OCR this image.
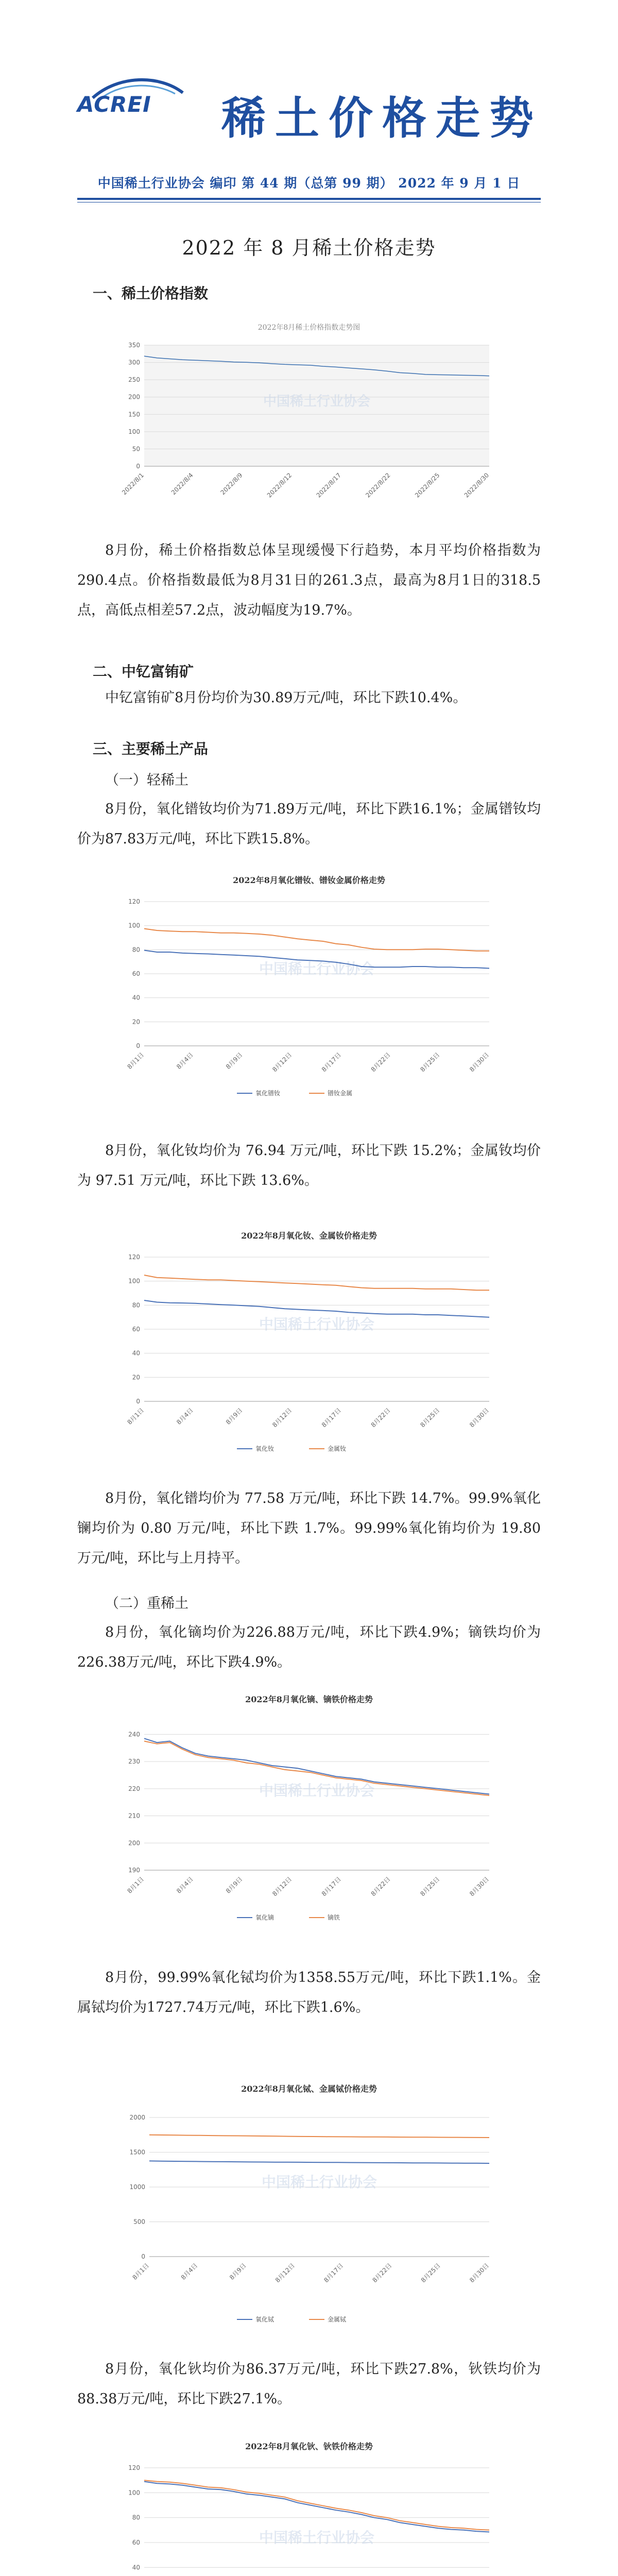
ACREI 稀土价格走势
中国稀土行业协会 编印 第 44 期（总第 99 期） 2022 年 9 月 1 日
2022 年 8 月稀土价格走势
一、稀土价格指数
2022年8月稀土价格指数走势图
0
50
100
150
200
250
300
350
2022/8/1	2022/8/4	2022/8/9	2022/8/12	2022/8/17	2022/8/22	2022/8/25	2022/8/30
中国稀土行业协会
8月份，稀土价格指数总体呈现缓慢下行趋势，本月平均价格指数为290.4点。价格指数最低为8月31日的261.3点，最高为8月1日的318.5点，高低点相差57.2点，波动幅度为19.7%。
二、中钇富铕矿
中钇富铕矿8月份均价为30.89万元/吨，环比下跌10.4%。
三、主要稀土产品
（一）轻稀土
8月份，氧化镨钕均价为71.89万元/吨，环比下跌16.1%；金属镨钕均价为87.83万元/吨，环比下跌15.8%。
2022年8月氧化镨钕、镨钕金属价格走势
0
20
40
60
80
100
120
8月1日	8月4日	8月9日	8月12日	8月17日	8月22日	8月25日	8月30日
中国稀土行业协会
氧化镨钕	镨钕金属
8月份，氧化钕均价为 76.94 万元/吨，环比下跌 15.2%；金属钕均价为 97.51 万元/吨，环比下跌 13.6%。
2022年8月氧化钕、金属钕价格走势
0
20
40
60
80
100
120
8月1日	8月4日	8月9日	8月12日	8月17日	8月22日	8月25日	8月30日
中国稀土行业协会
氧化钕	金属钕
8月份，氧化镨均价为 77.58 万元/吨，环比下跌 14.7%。99.9%氧化镧均价为 0.80 万元/吨，环比下跌 1.7%。99.99%氧化铕均价为 19.80 万元/吨，环比与上月持平。
（二）重稀土
8月份，氧化镝均价为226.88万元/吨，环比下跌4.9%；镝铁均价为226.38万元/吨，环比下跌4.9%。
2022年8月氧化镝、镝铁价格走势
190
200
210
220
230
240
8月1日	8月4日	8月9日	8月12日	8月17日	8月22日	8月25日	8月30日
中国稀土行业协会
氧化镝	镝铁
8月份，99.99%氧化铽均价为1358.55万元/吨，环比下跌1.1%。金属铽均价为1727.74万元/吨，环比下跌1.6%。
2022年8月氧化铽、金属铽价格走势
0
500
1000
1500
2000
8月1日	8月4日	8月9日	8月12日	8月17日	8月22日	8月25日	8月30日
中国稀土行业协会
氧化铽	金属铽
8月份，氧化钬均价为86.37万元/吨，环比下跌27.8%，钬铁均价为88.38万元/吨，环比下跌27.1%。
2022年8月氧化钬、钬铁价格走势
40
60
80
100
120
中国稀土行业协会
